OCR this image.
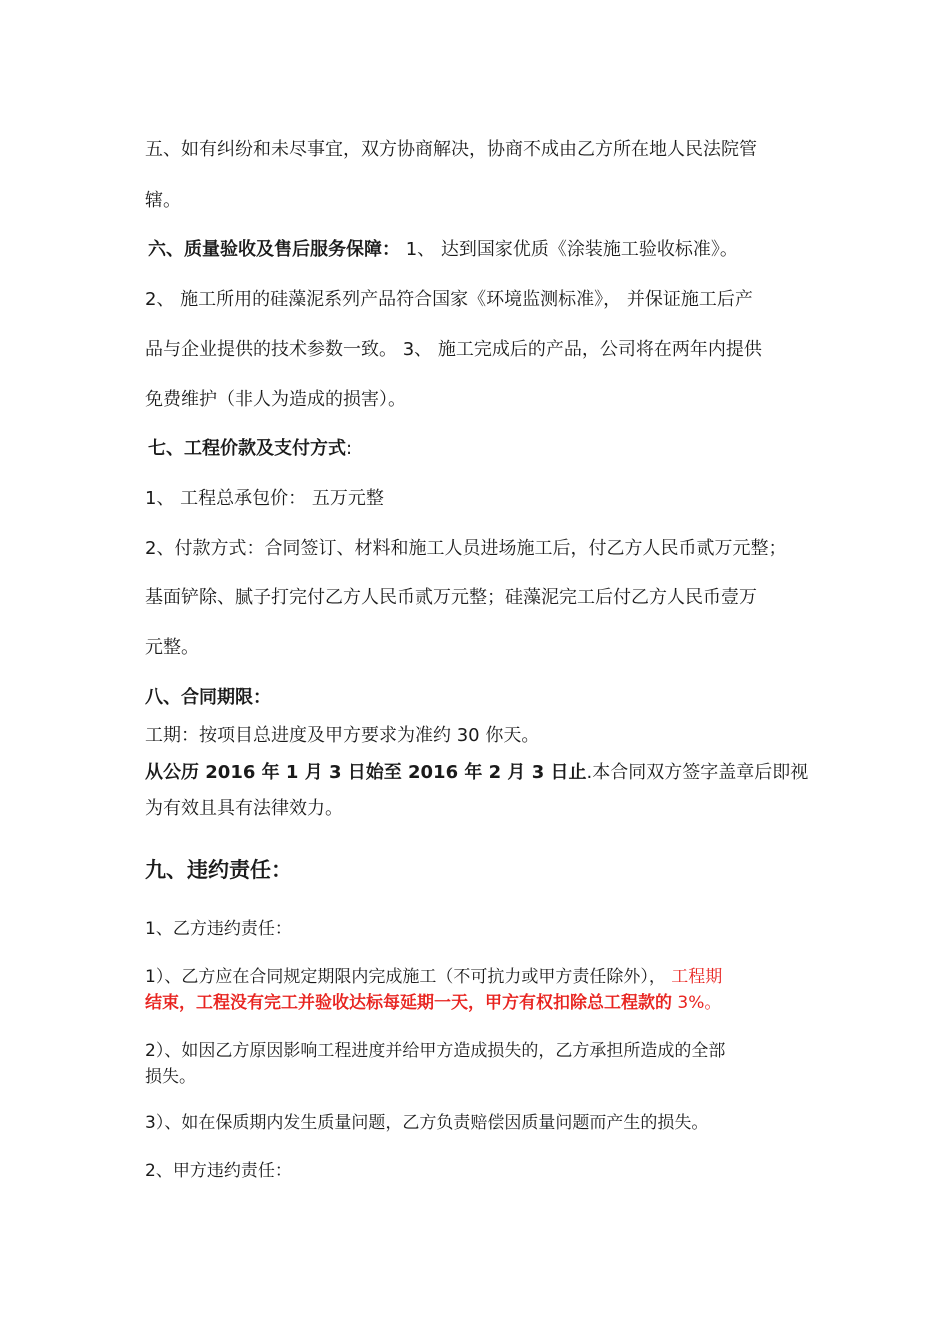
五、如有纠纷和未尽事宜，双方协商解决，协商不成由乙方所在地人民法院管
辖。
六、质量验收及售后服务保障： 1、 达到国家优质《涂装施工验收标准》。
2、 施工所用的硅藻泥系列产品符合国家《环境监测标准》， 并保证施工后产
品与企业提供的技术参数一致。 3、 施工完成后的产品，公司将在两年内提供
免费维护（非人为造成的损害）。
七、工程价款及支付方式:
1、 工程总承包价： 五万元整
2、付款方式：合同签订、材料和施工人员进场施工后，付乙方人民币贰万元整；
基面铲除、腻子打完付乙方人民币贰万元整；硅藻泥完工后付乙方人民币壹万
元整。
八、合同期限：
工期：按项目总进度及甲方要求为准约 30 你天。
从公历 2016 年 1 月 3 日始至 2016 年 2 月 3 日止.本合同双方签字盖章后即视
为有效且具有法律效力。
九、违约责任：
1、乙方违约责任：
1）、乙方应在合同规定期限内完成施工（不可抗力或甲方责任除外）， 工程期
结束，工程没有完工并验收达标每延期一天，甲方有权扣除总工程款的 3%。
2）、如因乙方原因影响工程进度并给甲方造成损失的，乙方承担所造成的全部
损失。
3）、如在保质期内发生质量问题，乙方负责赔偿因质量问题而产生的损失。
2、甲方违约责任：
